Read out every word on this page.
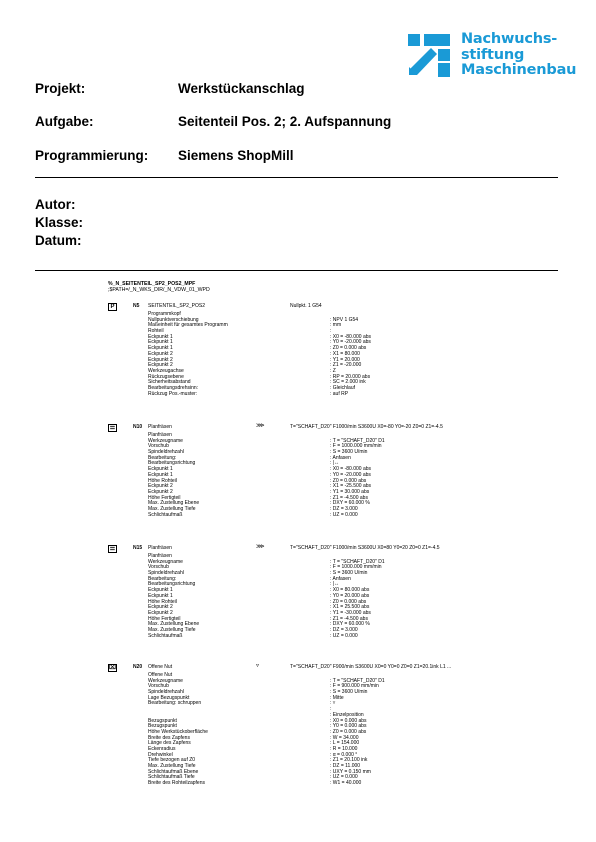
Nachwuchs-
stiftung
Maschinenbau
Projekt:	Werkstückanschlag
Aufgabe:	Seitenteil Pos. 2; 2. Aufspannung
Programmierung: Siemens ShopMill
Autor:
Klasse:
Datum:
%_N_SEITENTEIL_SP2_POS2_MPF
;$PATH=/_N_WKS_DIR/_N_VDW_01_WPD
P	N5 SEITENTEIL_SP2_POS2	Nullpkt. 1 G54
Programmkopf
Nullpunktverschiebung	: NPV 1 G54
Maßeinheit für gesamtes Programm	: mm
Rohteil	:
Eckpunkt 1	: X0 = -80.000 abs
Eckpunkt 1	: Y0 = -20.000 abs
Eckpunkt 1	: Z0 = 0.000 abs
Eckpunkt 2	: X1 = 80.000
Eckpunkt 2	: Y1 = 20.000
Eckpunkt 2	: Z1 = -20.000
Werkzeugachse	: Z
Rückzugsebene	: RP = 20.000 abs
Sicherheitsabstand	: SC = 2.000 ink
Bearbeitungsdrehsinn:	: Gleichlauf
Rückzug Pos.-muster:	: auf RP
☰	N10 Planfräsen	⋙	T="SCHAFT_D20" F1000/min S3600U X0=-80 Y0=-20 Z0=0 Z1=-4.5
Planfräsen
Werkzeugname	: T = "SCHAFT_D20" D1
Vorschub	: F = 1000.000 mm/min
Spindeldrehzahl	: S = 3600 U/min
Bearbeitung:	: Anfasen
Bearbeitungsrichtung	: |↔
Eckpunkt 1	: X0 = -80.000 abs
Eckpunkt 1	: Y0 = -20.000 abs
Höhe Rohteil	: Z0 = 0.000 abs
Eckpunkt 2	: X1 = -25.500 abs
Eckpunkt 2	: Y1 = 30.000 abs
Höhe Fertigteil	: Z1 = -4.500 abs
Max. Zustellung Ebene	: DXY = 60.000 %
Max. Zustellung Tiefe	: DZ = 3.000
Schlichtaufmaß	: UZ = 0.000
☰	N15 Planfräsen	⋙	T="SCHAFT_D20" F1000/min S3600U X0=80 Y0=20 Z0=0 Z1=-4.5
Planfräsen
Werkzeugname	: T = "SCHAFT_D20" D1
Vorschub	: F = 1000.000 mm/min
Spindeldrehzahl	: S = 3600 U/min
Bearbeitung:	: Anfasen
Bearbeitungsrichtung	: |↔
Eckpunkt 1	: X0 = 80.000 abs
Eckpunkt 1	: Y0 = 20.000 abs
Höhe Rohteil	: Z0 = 0.000 abs
Eckpunkt 2	: X1 = 25.500 abs
Eckpunkt 2	: Y1 = -30.000 abs
Höhe Fertigteil	: Z1 = -4.500 abs
Max. Zustellung Ebene	: DXY = 60.000 %
Max. Zustellung Tiefe	: DZ = 3.000
Schlichtaufmaß	: UZ = 0.000
⌧	N20 Offene Nut	▿	T="SCHAFT_D20" F900/min S3600U X0=0 Y0=0 Z0=0 Z1=20.1ink L1 ...
Offene Nut
Werkzeugname	: T = "SCHAFT_D20" D1
Vorschub	: F = 900.000 mm/min
Spindeldrehzahl	: S = 3600 U/min
Lage Bezugspunkt	: Mitte
Bearbeitung: schruppen	: ▿
:
: Einzelposition
Bezugspunkt	: X0 = 0.000 abs
Bezugspunkt	: Y0 = 0.000 abs
Höhe Werkstückoberfläche	: Z0 = 0.000 abs
Breite des Zapfens	: W = 34.000
Länge des Zapfens	: L = 154.000
Eckenradius	: R = 10.000
Drehwinkel	: α = 0.000 °
Tiefe bezogen auf Z0	: Z1 = 20.100 ink
Max. Zustellung Tiefe	: DZ = 11.000
Schlichtaufmaß Ebene	: UXY = 0.150 mm
Schlichtaufmaß Tiefe	: UZ = 0.000
Breite des Rohteilzapfens	: W1 = 40.000
